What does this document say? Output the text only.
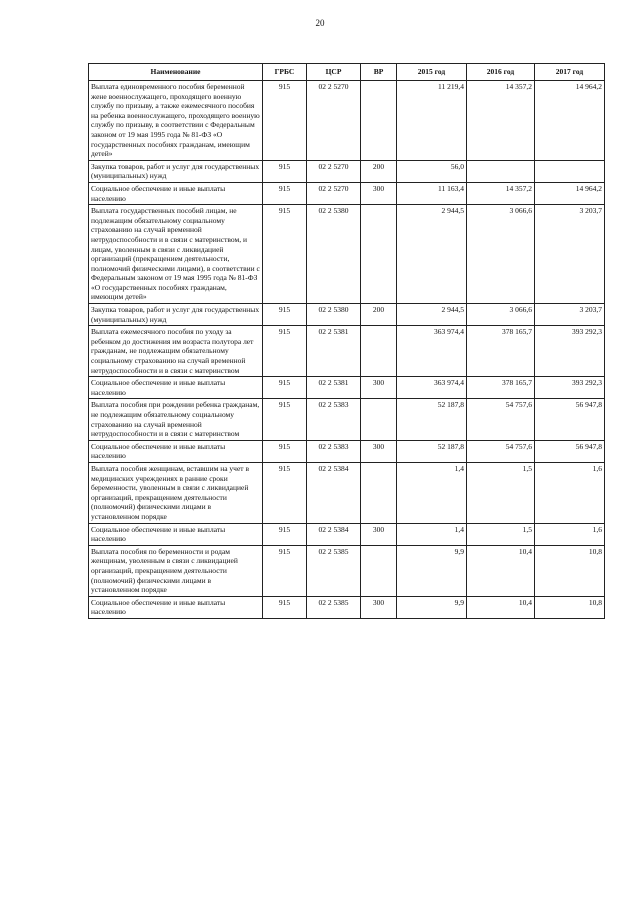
20
Наименование	ГРБС	ЦСР	ВР	2015 год	2016 год	2017 год
Выплата единовременного пособия беременной жене военнослужащего, проходящего военную службу по призыву, а также ежемесячного пособия на ребенка военнослужащего, проходящего военную службу по призыву, в соответствии с Федеральным законом от 19 мая 1995 года № 81-ФЗ «О государственных пособиях гражданам, имеющим детей»	915	02 2 5270		11 219,4	14 357,2	14 964,2
Закупка товаров, работ и услуг для государственных (муниципальных) нужд	915	02 2 5270	200	56,0		
Социальное обеспечение и иные выплаты населению	915	02 2 5270	300	11 163,4	14 357,2	14 964,2
Выплата государственных пособий лицам, не подлежащим обязательному социальному страхованию на случай временной нетрудоспособности и в связи с материнством, и лицам, уволенным в связи с ликвидацией организаций (прекращением деятельности, полномочий физическими лицами), в соответствии с Федеральным законом от 19 мая 1995 года № 81-ФЗ «О государственных пособиях гражданам, имеющим детей»	915	02 2 5380		2 944,5	3 066,6	3 203,7
Закупка товаров, работ и услуг для государственных (муниципальных) нужд	915	02 2 5380	200	2 944,5	3 066,6	3 203,7
Выплата ежемесячного пособия по уходу за ребенком до достижения им возраста полутора лет гражданам, не подлежащим обязательному социальному страхованию на случай временной нетрудоспособности и в связи с материнством	915	02 2 5381		363 974,4	378 165,7	393 292,3
Социальное обеспечение и иные выплаты населению	915	02 2 5381	300	363 974,4	378 165,7	393 292,3
Выплата пособия при рождении ребенка гражданам, не подлежащим обязательному социальному страхованию на случай временной нетрудоспособности и в связи с материнством	915	02 2 5383		52 187,8	54 757,6	56 947,8
Социальное обеспечение и иные выплаты населению	915	02 2 5383	300	52 187,8	54 757,6	56 947,8
Выплата пособия женщинам, вставшим на учет в медицинских учреждениях в ранние сроки беременности, уволенным в связи с ликвидацией организаций, прекращением деятельности (полномочий) физическими лицами в установленном порядке	915	02 2 5384		1,4	1,5	1,6
Социальное обеспечение и иные выплаты населению	915	02 2 5384	300	1,4	1,5	1,6
Выплата пособия по беременности и родам женщинам, уволенным в связи с ликвидацией организаций, прекращением деятельности (полномочий) физическими лицами в установленном порядке	915	02 2 5385		9,9	10,4	10,8
Социальное обеспечение и иные выплаты населению	915	02 2 5385	300	9,9	10,4	10,8
